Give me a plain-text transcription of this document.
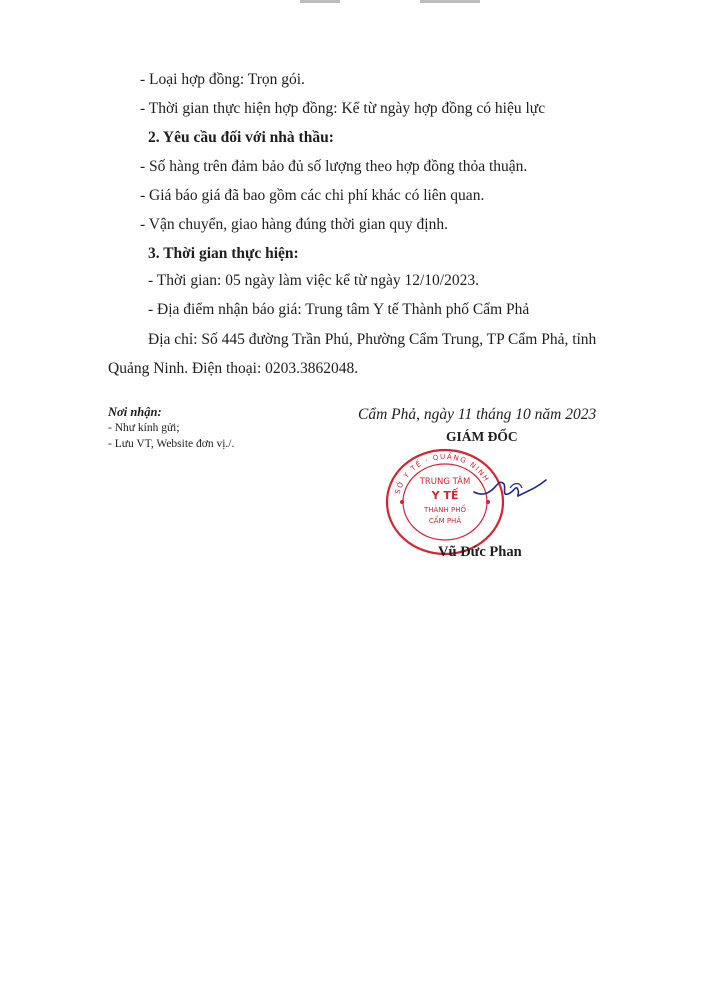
- Loại hợp đồng: Trọn gói.
- Thời gian thực hiện hợp đồng: Kể từ ngày hợp đồng có hiệu lực
2. Yêu cầu đối với nhà thầu:
- Số hàng trên đảm bảo đủ số lượng theo hợp đồng thỏa thuận.
- Giá báo giá đã bao gồm các chi phí khác có liên quan.
- Vận chuyển, giao hàng đúng thời gian quy định.
3. Thời gian thực hiện:
- Thời gian: 05 ngày làm việc kể từ ngày 12/10/2023.
- Địa điểm nhận báo giá: Trung tâm Y tế Thành phố Cẩm Phả
Địa chỉ: Số 445 đường Trần Phú, Phường Cẩm Trung, TP Cẩm Phả, tỉnh
Quảng Ninh. Điện thoại: 0203.3862048.
Nơi nhận:
- Như kính gửi;
- Lưu VT, Website đơn vị./.
Cẩm Phả, ngày 11 tháng 10 năm 2023
GIÁM ĐỐC
SỞ Y TẾ · QUẢNG NINH
TRUNG TÂM
Y TẾ
THÀNH PHỐ
CẨM PHẢ
Vũ Đức Phan
